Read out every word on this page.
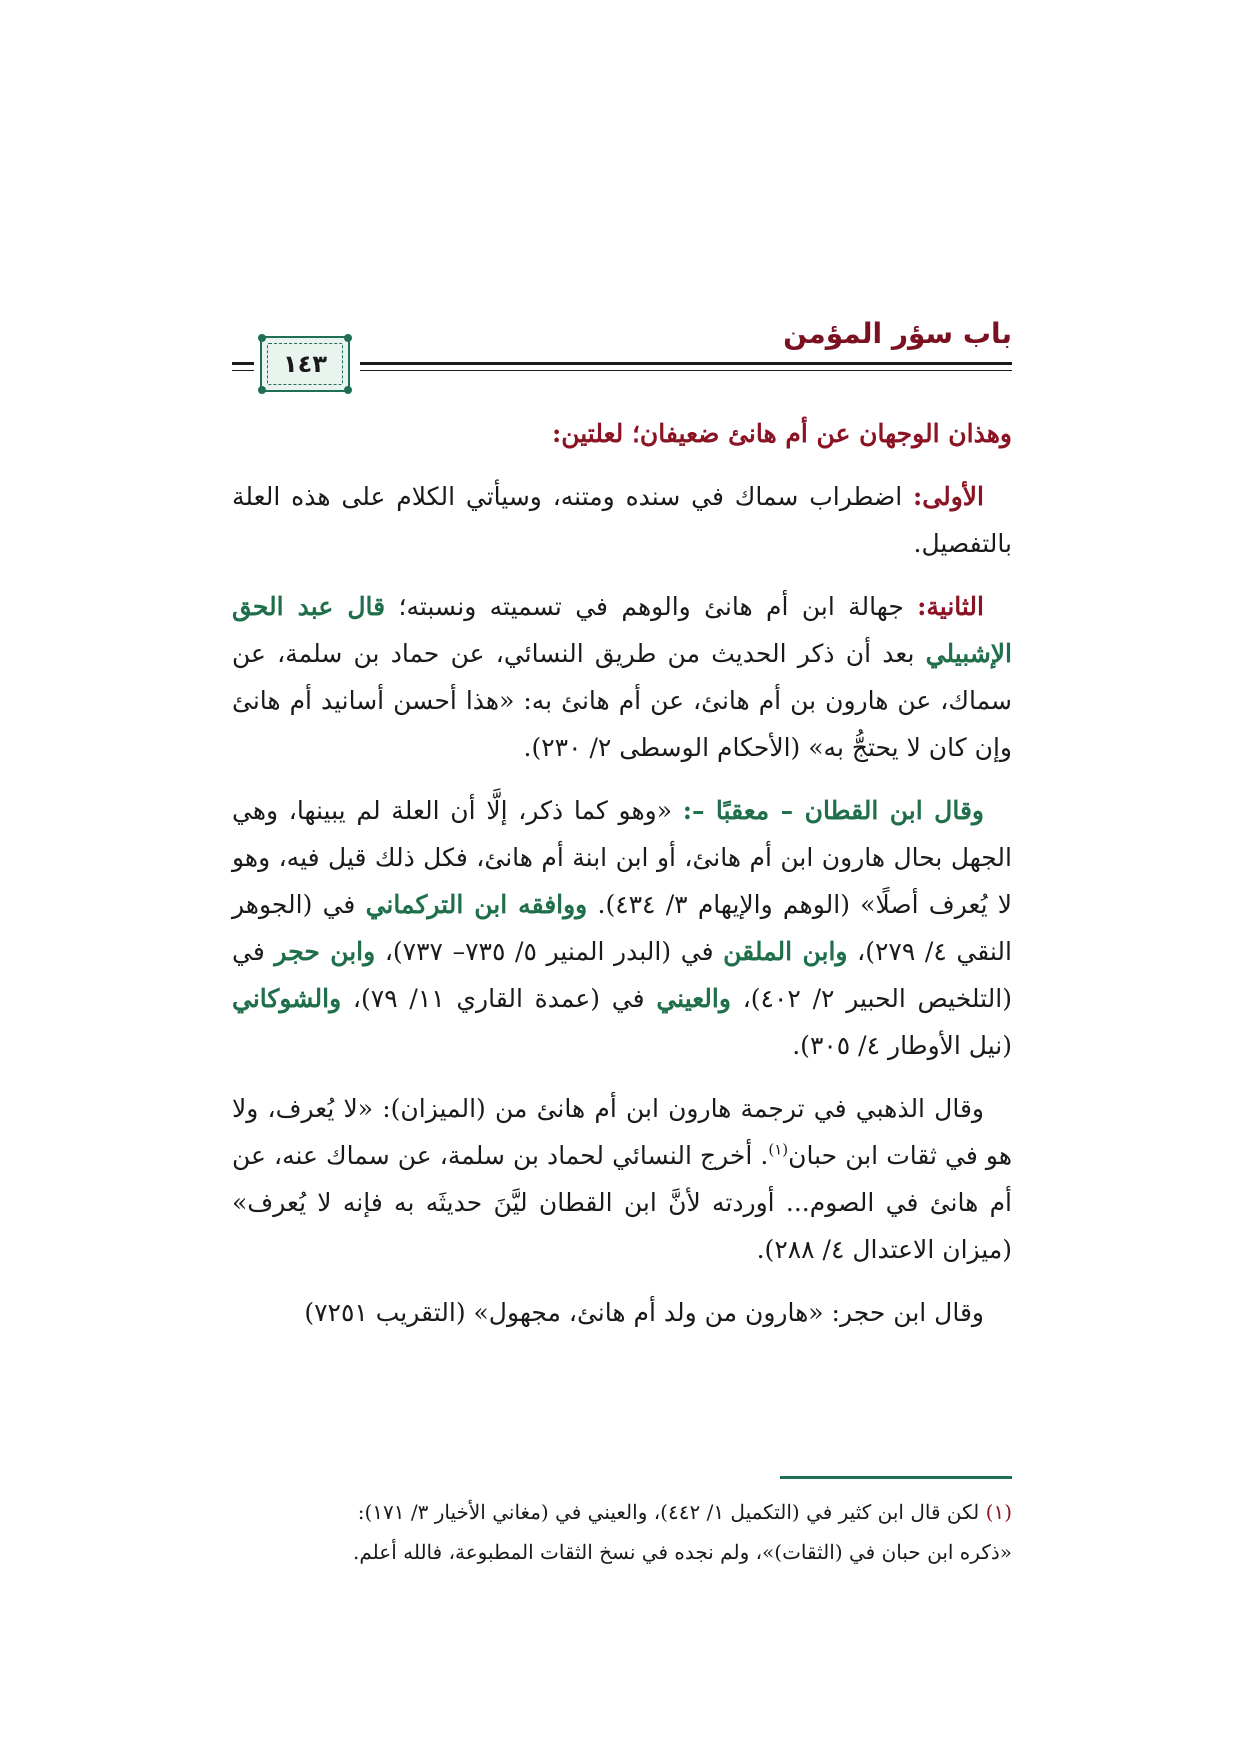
باب سؤر المؤمن
١٤٣

وهذان الوجهان عن أم هانئ ضعيفان؛ لعلتين:

الأولى: اضطراب سماك في سنده ومتنه، وسيأتي الكلام على هذه العلة بالتفصيل.

الثانية: جهالة ابن أم هانئ والوهم في تسميته ونسبته؛ قال عبد الحق الإشبيلي بعد أن ذكر الحديث من طريق النسائي، عن حماد بن سلمة، عن سماك، عن هارون بن أم هانئ، عن أم هانئ به: «هذا أحسن أسانيد أم هانئ وإن كان لا يحتجُّ به» (الأحكام الوسطى ٢/ ٢٣٠).

وقال ابن القطان – معقبًا –: «وهو كما ذكر، إلَّا أن العلة لم يبينها، وهي الجهل بحال هارون ابن أم هانئ، أو ابن ابنة أم هانئ، فكل ذلك قيل فيه، وهو لا يُعرف أصلًا» (الوهم والإيهام ٣/ ٤٣٤). ووافقه ابن التركماني في (الجوهر النقي ٤/ ٢٧٩)، وابن الملقن في (البدر المنير ٥/ ٧٣٥– ٧٣٧)، وابن حجر في (التلخيص الحبير ٢/ ٤٠٢)، والعيني في (عمدة القاري ١١/ ٧٩)، والشوكاني (نيل الأوطار ٤/ ٣٠٥).

وقال الذهبي في ترجمة هارون ابن أم هانئ من (الميزان): «لا يُعرف، ولا هو في ثقات ابن حبان$^{(١)}$. أخرج النسائي لحماد بن سلمة، عن سماك عنه، عن أم هانئ في الصوم... أوردته لأنَّ ابن القطان ليَّنَ حديثَه به فإنه لا يُعرف» (ميزان الاعتدال ٤/ ٢٨٨).

وقال ابن حجر: «هارون من ولد أم هانئ، مجهول» (التقريب ٧٢٥١)

(١) لكن قال ابن كثير في (التكميل ١/ ٤٤٢)، والعيني في (مغاني الأخيار ٣/ ١٧١):

«ذكره ابن حبان في (الثقات)»، ولم نجده في نسخ الثقات المطبوعة، فالله أعلم.
